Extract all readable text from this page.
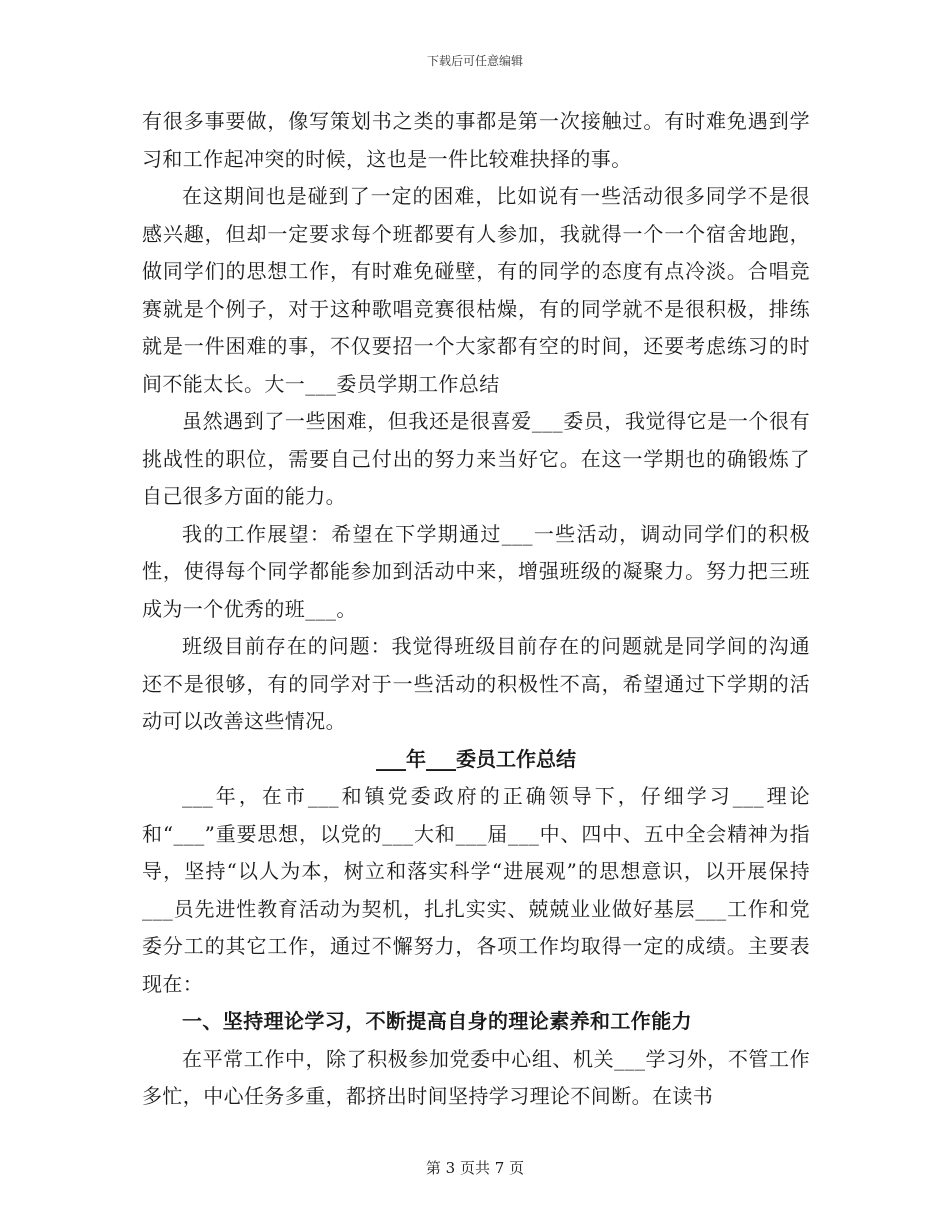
下载后可任意编辑

有很多事要做，像写策划书之类的事都是第一次接触过。有时难免遇到学习和工作起冲突的时候，这也是一件比较难抉择的事。

在这期间也是碰到了一定的困难，比如说有一些活动很多同学不是很感兴趣，但却一定要求每个班都要有人参加，我就得一个一个宿舍地跑，做同学们的思想工作，有时难免碰壁，有的同学的态度有点冷淡。合唱竞赛就是个例子，对于这种歌唱竞赛很枯燥，有的同学就不是很积极，排练就是一件困难的事，不仅要招一个大家都有空的时间，还要考虑练习的时间不能太长。大一___委员学期工作总结

虽然遇到了一些困难，但我还是很喜爱___委员，我觉得它是一个很有挑战性的职位，需要自己付出的努力来当好它。在这一学期也的确锻炼了自己很多方面的能力。

我的工作展望：希望在下学期通过___一些活动，调动同学们的积极性，使得每个同学都能参加到活动中来，增强班级的凝聚力。努力把三班成为一个优秀的班___。

班级目前存在的问题：我觉得班级目前存在的问题就是同学间的沟通还不是很够，有的同学对于一些活动的积极性不高，希望通过下学期的活动可以改善这些情况。

___年___委员工作总结

___年，在市___和镇党委政府的正确领导下，仔细学习___理论和“___”重要思想，以党的___大和___届___中、四中、五中全会精神为指导，坚持“以人为本，树立和落实科学“进展观”的思想意识，以开展保持___员先进性教育活动为契机，扎扎实实、兢兢业业做好基层___工作和党委分工的其它工作，通过不懈努力，各项工作均取得一定的成绩。主要表现在：

一、坚持理论学习，不断提高自身的理论素养和工作能力

在平常工作中，除了积极参加党委中心组、机关___学习外，不管工作多忙，中心任务多重，都挤出时间坚持学习理论不间断。在读书

第 3 页共 7 页
